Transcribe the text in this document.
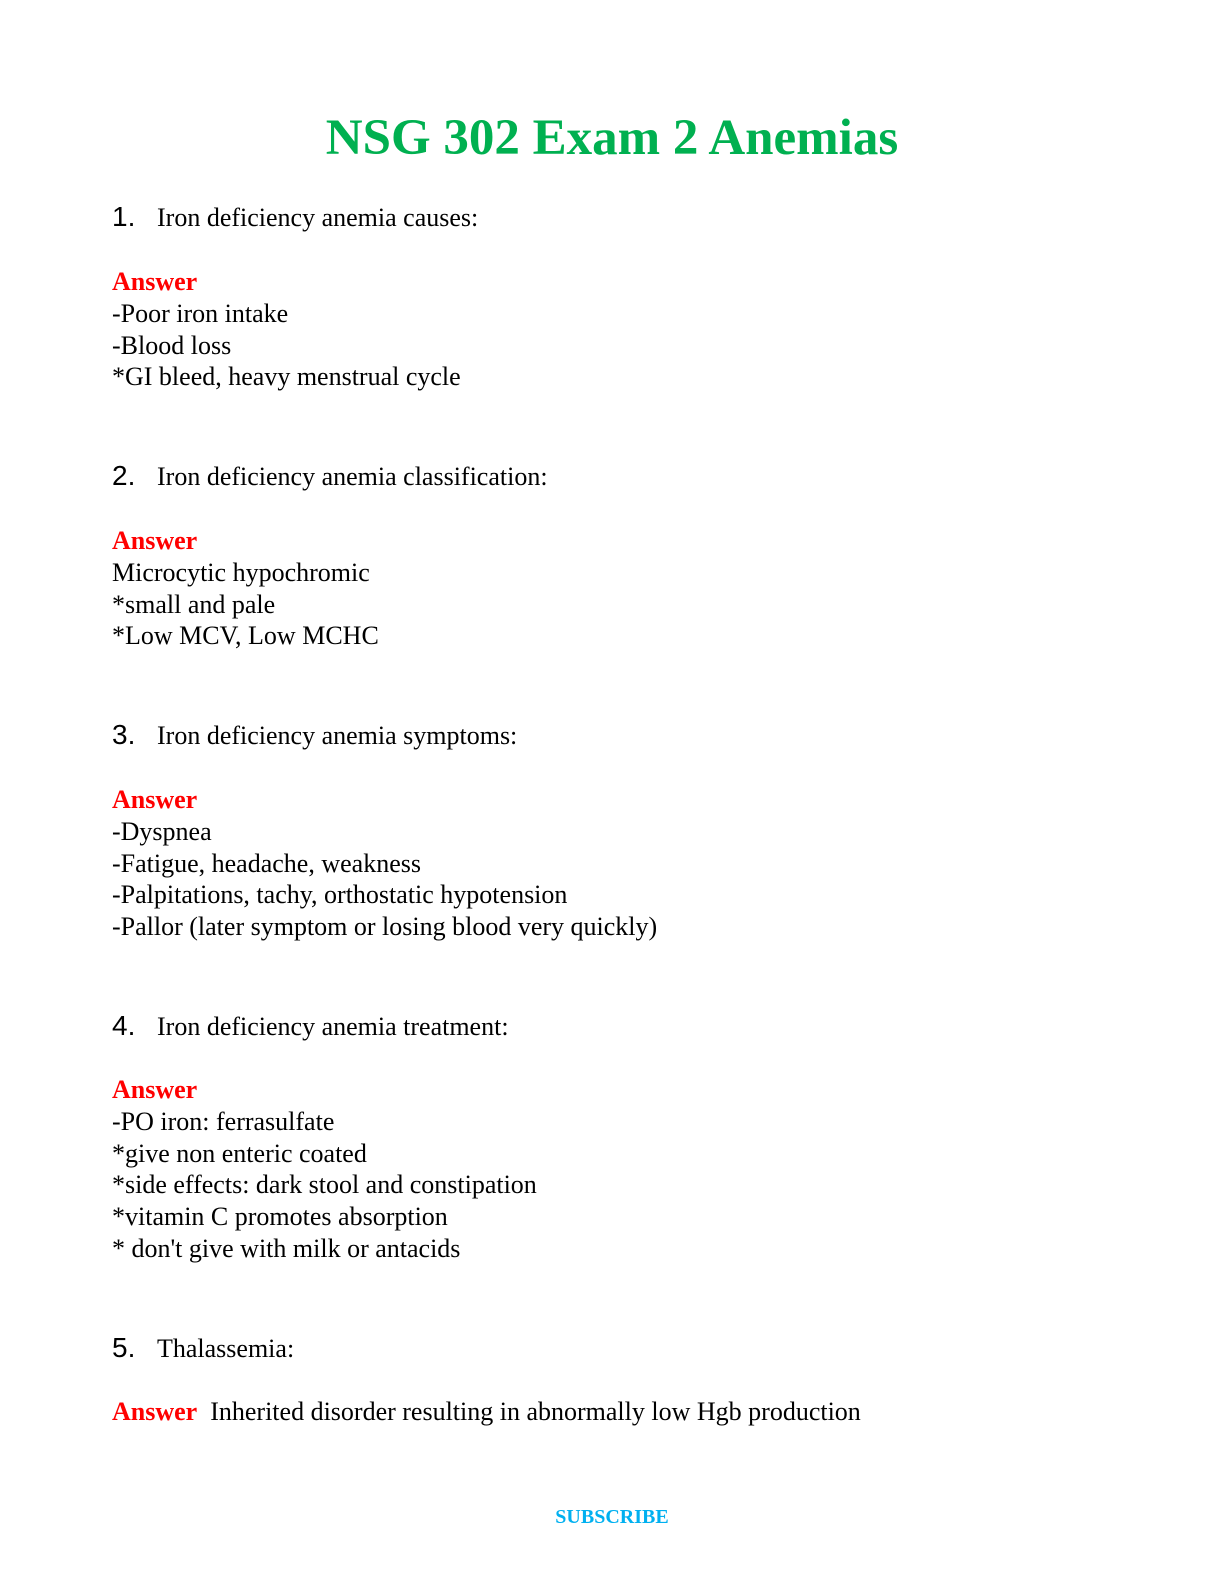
NSG 302 Exam 2 Anemias
1. Iron deficiency anemia causes:
Answer
-Poor iron intake
-Blood loss
*GI bleed, heavy menstrual cycle
2. Iron deficiency anemia classification:
Answer
Microcytic hypochromic
*small and pale
*Low MCV, Low MCHC
3. Iron deficiency anemia symptoms:
Answer
-Dyspnea
-Fatigue, headache, weakness
-Palpitations, tachy, orthostatic hypotension
-Pallor (later symptom or losing blood very quickly)
4. Iron deficiency anemia treatment:
Answer
-PO iron: ferrasulfate
*give non enteric coated
*side effects: dark stool and constipation
*vitamin C promotes absorption
* don't give with milk or antacids
5. Thalassemia:
Answer Inherited disorder resulting in abnormally low Hgb production
SUBSCRIBE
